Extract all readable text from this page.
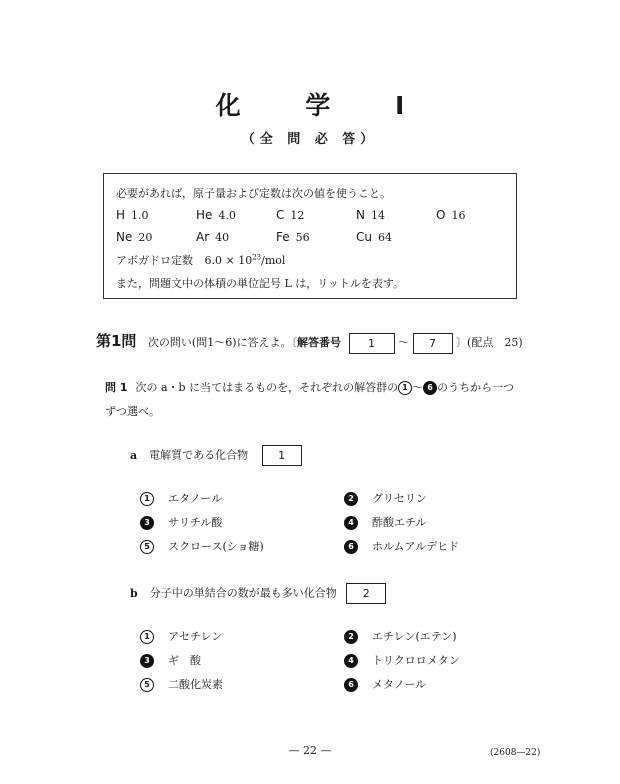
化 学 I
（全 問 必 答）
必要があれば，原子量および定数は次の値を使うこと。
H 1.0	He 4.0	C 12	N 14	O 16
Ne 20	Ar 40	Fe 56	Cu 64
アボガドロ定数 $6.0 \times 10^{23}$/mol
また，問題文中の体積の単位記号 L は，リットルを表す。
第1問 次の問い(問1～6)に答えよ。〔解答番号 1 ～ 7 〕(配点　25)
問 1 次の a・b に当てはまるものを，それぞれの解答群の 1 ～ 6 のうちから一つ
ずつ選べ。
a 電解質である化合物	1
1 エタノール	2 グリセリン
3 サリチル酸	4 酢酸エチル
5 スクロース(ショ糖)	6 ホルムアルデヒド
b 分子中の単結合の数が最も多い化合物 2
1 アセチレン	2 エチレン(エテン)
3 ギ　酸	4 トリクロロメタン
5 二酸化炭素	6 メタノール
— 22 —	(2608—22)
